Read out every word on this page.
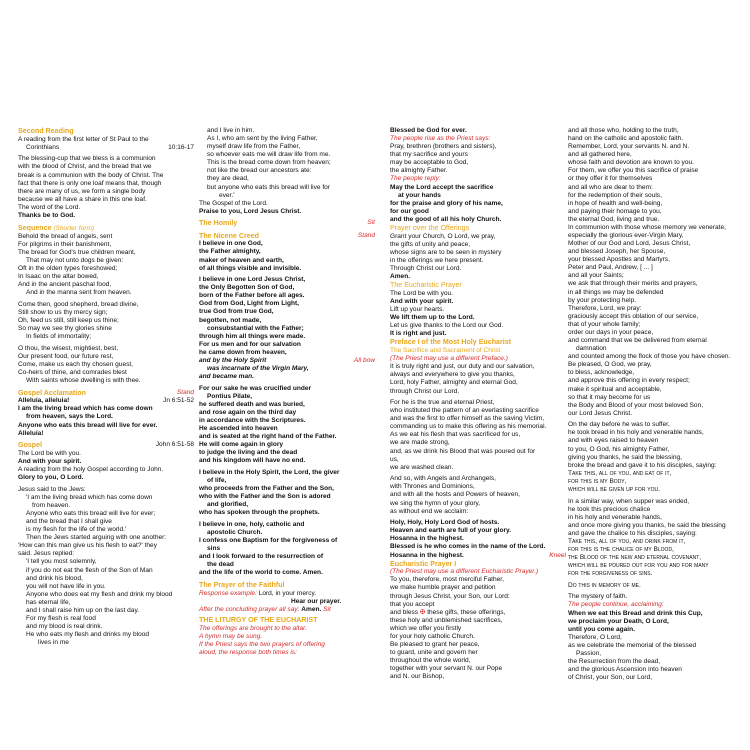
Second Reading
A reading from the first letter of St Paul to the
Corinthians	10:16-17
The blessing-cup that we bless is a communion
with the blood of Christ, and the bread that we
break is a communion with the body of Christ. The
fact that there is only one loaf means that, though
there are many of us, we form a single body
because we all have a share in this one loaf.
The word of the Lord.
Thanks be to God.
Sequence (Shorter form)
Behold the bread of angels, sent
For pilgrims in their banishment,
The bread for God's true children meant,
That may not unto dogs be given:
Oft in the olden types foreshowed;
In Isaac on the altar bowed,
And in the ancient paschal food,
And in the manna sent from heaven.
Come then, good shepherd, bread divine,
Still show to us thy mercy sign;
Oh, feed us still, still keep us thine;
So may we see thy glories shine
In fields of immortality;
O thou, the wisest, mightiest, best,
Our present food, our future rest,
Come, make us each thy chosen guest,
Co-heirs of thine, and comrades blest
With saints whose dwelling is with thee.
Gospel Acclamation	Stand
Alleluia, alleluia!	Jn 6:51-52
I am the living bread which has come down
from heaven, says the Lord.
Anyone who eats this bread will live for ever.
Alleluia!
Gospel	John 6:51-58
The Lord be with you.
And with your spirit.
A reading from the holy Gospel according to John.
Glory to you, O Lord.
Jesus said to the Jews:
'I am the living bread which has come down
from heaven.
Anyone who eats this bread will live for ever;
and the bread that I shall give
is my flesh for the life of the world.'
Then the Jews started arguing with one another:
'How can this man give us his flesh to eat?' they
said. Jesus replied:
'I tell you most solemnly,
if you do not eat the flesh of the Son of Man
and drink his blood,
you will not have life in you.
Anyone who does eat my flesh and drink my blood
has eternal life,
and I shall raise him up on the last day.
For my flesh is real food
and my blood is real drink.
He who eats my flesh and drinks my blood
lives in me
and I live in him.
As I, who am sent by the living Father,
myself draw life from the Father,
so whoever eats me will draw life from me.
This is the bread come down from heaven;
not like the bread our ancestors ate:
they are dead,
but anyone who eats this bread will live for
ever.'
The Gospel of the Lord.
Praise to you, Lord Jesus Christ.
The Homily	Sit
The Nicene Creed	Stand
I believe in one God,
the Father almighty,
maker of heaven and earth,
of all things visible and invisible.
I believe in one Lord Jesus Christ,
the Only Begotten Son of God,
born of the Father before all ages.
God from God, Light from Light,
true God from true God,
begotten, not made,
consubstantial with the Father;
through him all things were made.
For us men and for our salvation
he came down from heaven,
and by the Holy Spirit	All bow
was incarnate of the Virgin Mary,
and became man.
For our sake he was crucified under
Pontius Pilate,
he suffered death and was buried,
and rose again on the third day
in accordance with the Scriptures.
He ascended into heaven
and is seated at the right hand of the Father.
He will come again in glory
to judge the living and the dead
and his kingdom will have no end.
I believe in the Holy Spirit, the Lord, the giver
of life,
who proceeds from the Father and the Son,
who with the Father and the Son is adored
and glorified,
who has spoken through the prophets.
I believe in one, holy, catholic and
apostolic Church.
I confess one Baptism for the forgiveness of
sins
and I look forward to the resurrection of
the dead
and the life of the world to come. Amen.
The Prayer of the Faithful
Response example: Lord, in your mercy.
Hear our prayer.
After the concluding prayer all say: Amen. Sit
THE LITURGY OF THE EUCHARIST
The offerings are brought to the altar.
A hymn may be sung.
If the Priest says the two prayers of offering
aloud, the response both times is:
Blessed be God for ever.
The people rise as the Priest says:
Pray, brethren (brothers and sisters),
that my sacrifice and yours
may be acceptable to God,
the almighty Father.
The people reply:
May the Lord accept the sacrifice
at your hands
for the praise and glory of his name,
for our good
and the good of all his holy Church.
Prayer over the Offerings
Grant your Church, O Lord, we pray,
the gifts of unity and peace,
whose signs are to be seen in mystery
in the offerings we here present.
Through Christ our Lord.
Amen.
The Eucharistic Prayer
The Lord be with you.
And with your spirit.
Lift up your hearts.
We lift them up to the Lord.
Let us give thanks to the Lord our God.
It is right and just.
Preface I of the Most Holy Eucharist
The Sacrifice and Sacrament of Christ
(The Priest may use a different Preface.)
It is truly right and just, our duty and our salvation,
always and everywhere to give you thanks,
Lord, holy Father, almighty and eternal God,
through Christ our Lord.
For he is the true and eternal Priest,
who instituted the pattern of an everlasting sacrifice
and was the first to offer himself as the saving Victim,
commanding us to make this offering as his memorial.
As we eat his flesh that was sacrificed for us,
we are made strong,
and, as we drink his Blood that was poured out for
us,
we are washed clean.
And so, with Angels and Archangels,
with Thrones and Dominions,
and with all the hosts and Powers of heaven,
we sing the hymn of your glory,
as without end we acclaim:
Holy, Holy, Holy Lord God of hosts.
Heaven and earth are full of your glory.
Hosanna in the highest.
Blessed is he who comes in the name of the Lord.
Hosanna in the highest.	Kneel
Eucharistic Prayer I
(The Priest may use a different Eucharistic Prayer.)
To you, therefore, most merciful Father,
we make humble prayer and petition
through Jesus Christ, your Son, our Lord:
that you accept
and bless ✠ these gifts, these offerings,
these holy and unblemished sacrifices,
which we offer you firstly
for your holy catholic Church.
Be pleased to grant her peace,
to guard, unite and govern her
throughout the whole world,
together with your servant N. our Pope
and N. our Bishop,
and all those who, holding to the truth,
hand on the catholic and apostolic faith.
Remember, Lord, your servants N. and N.
and all gathered here,
whose faith and devotion are known to you.
For them, we offer you this sacrifice of praise
or they offer it for themselves
and all who are dear to them:
for the redemption of their souls,
in hope of health and well-being,
and paying their homage to you,
the eternal God, living and true.
In communion with those whose memory we venerate,
especially the glorious ever-Virgin Mary,
Mother of our God and Lord, Jesus Christ,
and blessed Joseph, her Spouse,
your blessed Apostles and Martyrs,
Peter and Paul, Andrew, [ ... ]
and all your Saints;
we ask that through their merits and prayers,
in all things we may be defended
by your protecting help.
Therefore, Lord, we pray:
graciously accept this oblation of our service,
that of your whole family;
order our days in your peace,
and command that we be delivered from eternal
damnation
and counted among the flock of those you have chosen.
Be pleased, O God, we pray,
to bless, acknowledge,
and approve this offering in every respect;
make it spiritual and acceptable,
so that it may become for us
the Body and Blood of your most beloved Son,
our Lord Jesus Christ.
On the day before he was to suffer,
he took bread in his holy and venerable hands,
and with eyes raised to heaven
to you, O God, his almighty Father,
giving you thanks, he said the blessing,
broke the bread and gave it to his disciples, saying:
Take this, all of you, and eat of it,
for this is my Body,
which will be given up for you.
In a similar way, when supper was ended,
he took this precious chalice
in his holy and venerable hands,
and once more giving you thanks, he said the blessing
and gave the chalice to his disciples, saying:
Take this, all of you, and drink from it,
for this is the chalice of my Blood,
the Blood of the new and eternal covenant,
which will be poured out for you and for many
for the forgiveness of sins.
Do this in memory of me.
The mystery of faith.
The people continue, acclaiming:
When we eat this Bread and drink this Cup,
we proclaim your Death, O Lord,
until you come again.
Therefore, O Lord,
as we celebrate the memorial of the blessed
Passion,
the Resurrection from the dead,
and the glorious Ascension into heaven
of Christ, your Son, our Lord,
